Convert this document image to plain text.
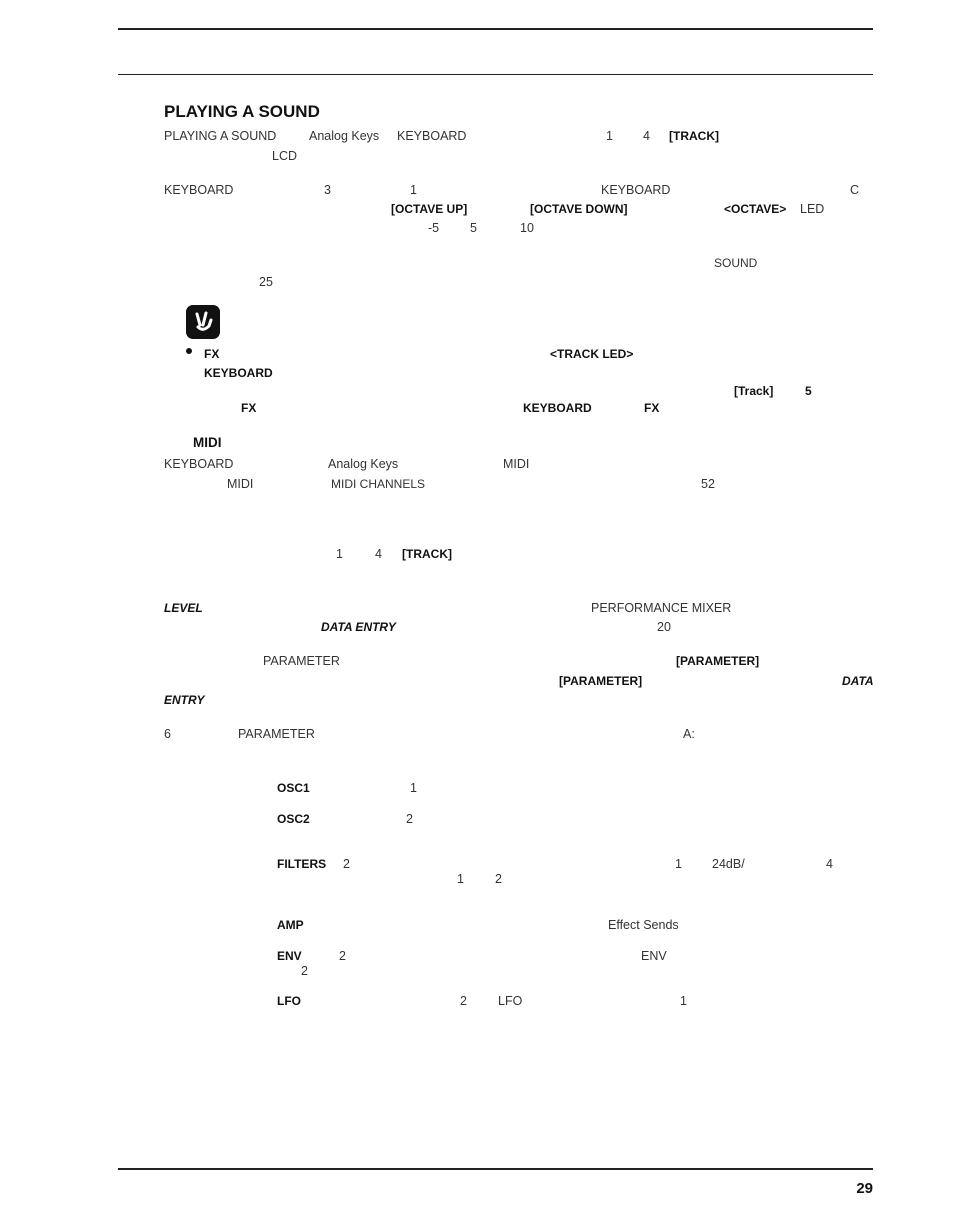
PLAYING A SOUND
PLAYING A SOUND	Analog Keys KEYBOARD	1 4 [TRACK]
LCD
KEYBOARD	3	1	KEYBOARD	C
[OCTAVE UP]	[OCTAVE DOWN]	<OCTAVE> LED
-5 5	10
SOUND
25
FX	<TRACK LED>
KEYBOARD
[Track]	5
FX	KEYBOARD	FX
MIDI
KEYBOARD	Analog Keys	MIDI
MIDI	MIDI CHANNELS	52
1	4 [TRACK]
LEVEL	PERFORMANCE MIXER
DATA ENTRY	20
PARAMETER	[PARAMETER]
[PARAMETER]	DATA
ENTRY
6	PARAMETER	A:
OSC1	1
OSC2	2
FILTERS 2	1 24dB/	4
1 2
AMP	Effect Sends
ENV	2	ENV
2
LFO	2 LFO	1
29
